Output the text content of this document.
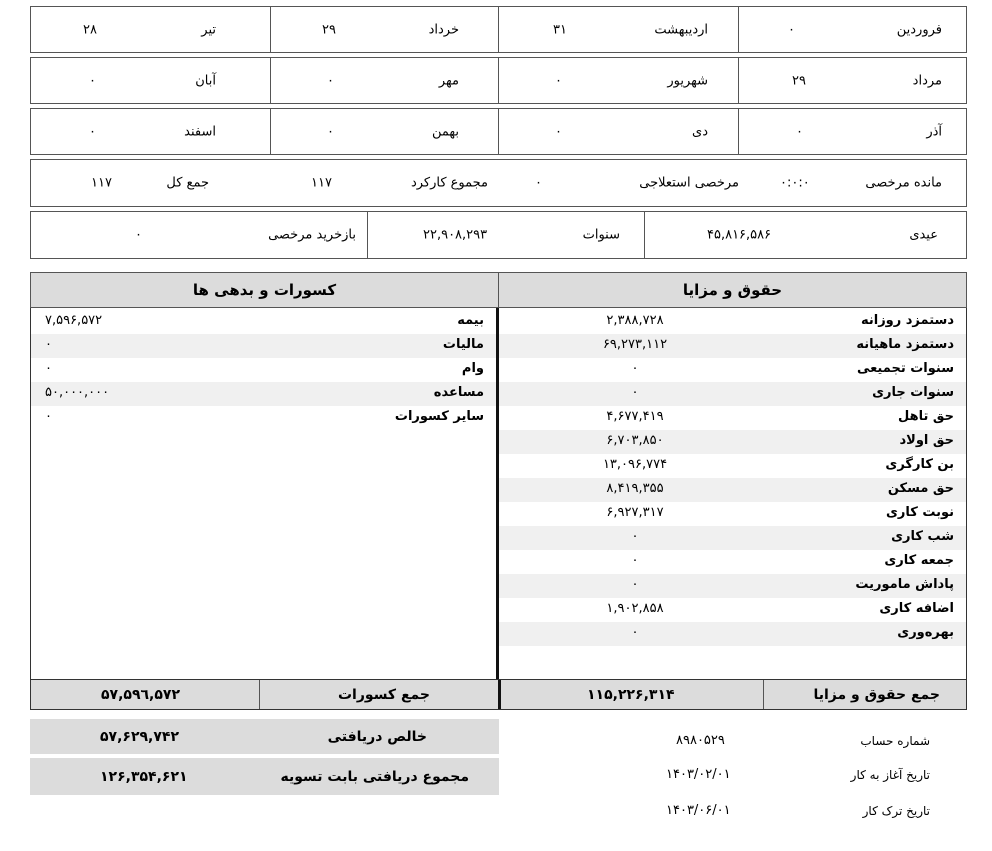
فروردین
۰
اردیبهشت
۳۱
خرداد
۲۹
تیر
۲۸
مرداد
۲۹
شهریور
۰
مهر
۰
آبان
۰
آذر
۰
دی
۰
بهمن
۰
اسفند
۰
مانده مرخصی
۰:۰:۰
مرخصی استعلاجی
۰
مجموع کارکرد
۱۱۷
جمع کل
۱۱۷
عیدی
۴۵,۸۱۶,۵۸۶
سنوات
۲۲,۹۰۸,۲۹۳
بازخرید مرخصی
۰
حقوق و مزایا
دستمزد روزانه
۲,۳۸۸,۷۲۸
دستمزد ماهیانه
۶۹,۲۷۳,۱۱۲
سنوات تجمیعی
۰
سنوات جاری
۰
حق تاهل
۴,۶۷۷,۴۱۹
حق اولاد
۶,۷۰۳,۸۵۰
بن کارگری
۱۳,۰۹۶,۷۷۴
حق مسکن
۸,۴۱۹,۳۵۵
نوبت کاری
۶,۹۲۷,۳۱۷
شب کاری
۰
جمعه کاری
۰
پاداش ماموریت
۰
اضافه کاری
۱,۹۰۲,۸۵۸
بهره‌وری
۰
کسورات و بدهی ها
بیمه
۷,۵۹۶,۵۷۲
مالیات
۰
وام
۰
مساعده
۵۰,۰۰۰,۰۰۰
سایر کسورات
۰
جمع حقوق و مزایا
۱۱۵,۲۲۶,۳۱۴
جمع کسورات
۵۷,۵۹٦,۵۷۲
خالص دریافتی
۵۷,۶۲۹,۷۴۲
مجموع دریافتی بابت تسویه
۱۲۶,۳۵۴,۶۲۱
شماره حساب
۸۹۸۰۵۲۹
تاریخ آغاز به کار
۱۴۰۳/۰۲/۰۱
تاریخ ترک کار
۱۴۰۳/۰۶/۰۱
